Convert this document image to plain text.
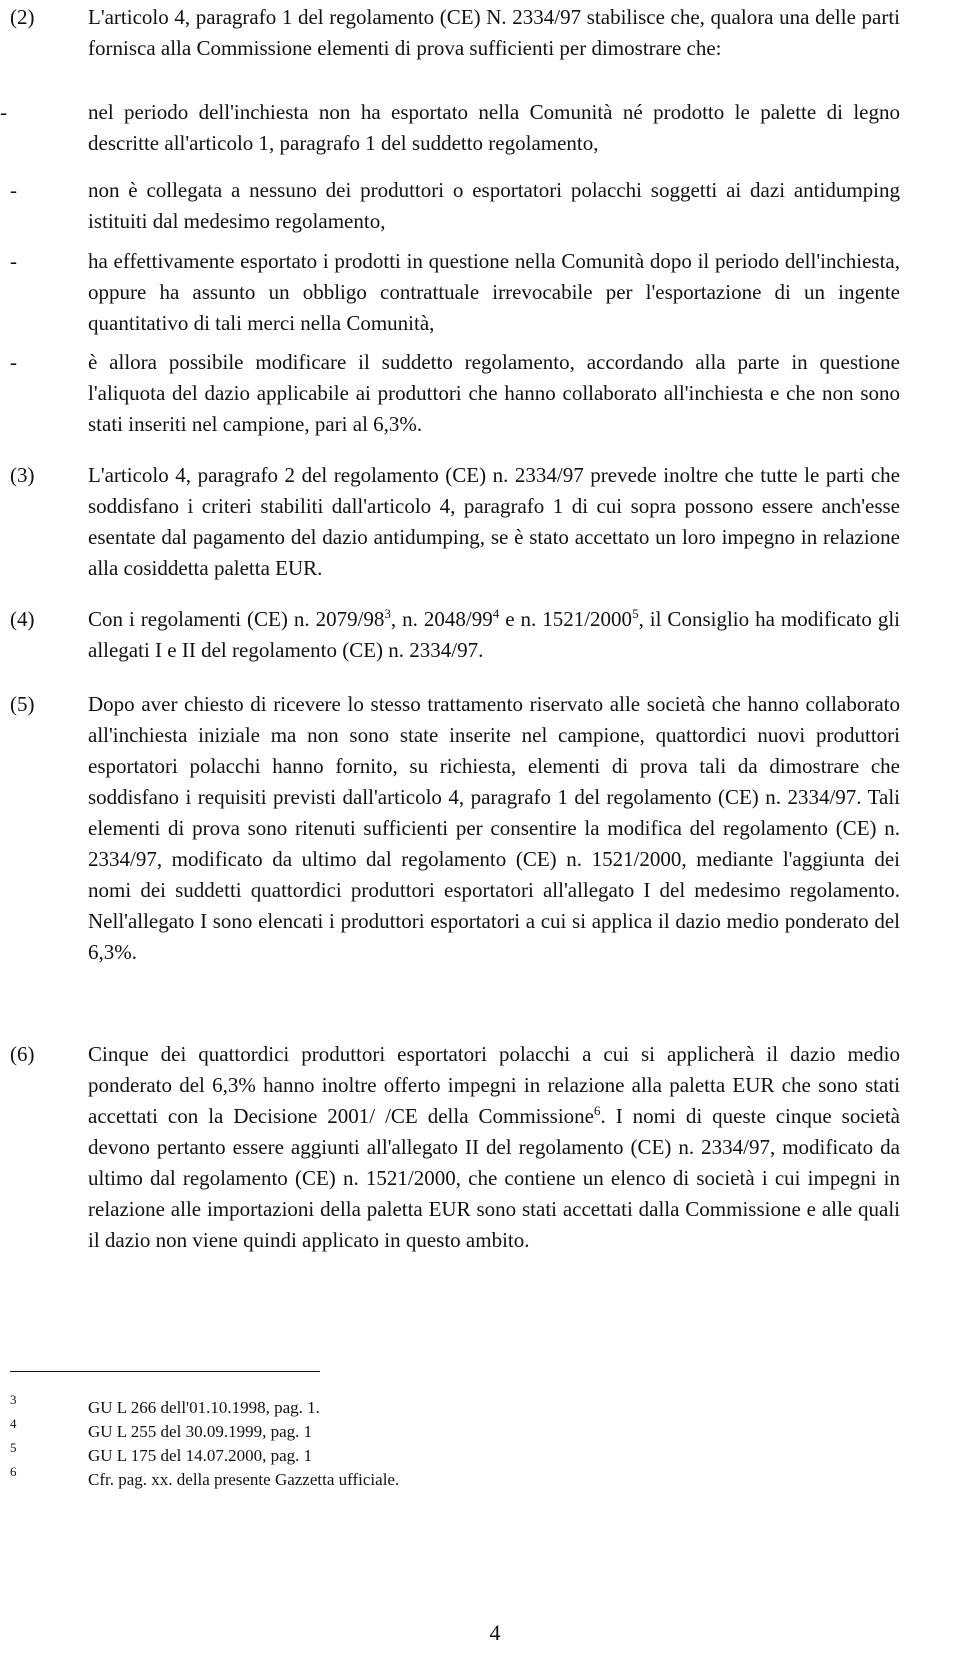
(2)	L'articolo 4, paragrafo 1 del regolamento (CE) N. 2334/97 stabilisce che, qualora una delle parti fornisca alla Commissione elementi di prova sufficienti per dimostrare che:
-	nel periodo dell'inchiesta non ha esportato nella Comunità né prodotto le palette di legno descritte all'articolo 1, paragrafo 1 del suddetto regolamento,
-	non è collegata a nessuno dei produttori o esportatori polacchi soggetti ai dazi antidumping istituiti dal medesimo regolamento,
-	ha effettivamente esportato i prodotti in questione nella Comunità dopo il periodo dell'inchiesta, oppure ha assunto un obbligo contrattuale irrevocabile per l'esportazione di un ingente quantitativo di tali merci nella Comunità,
-	è allora possibile modificare il suddetto regolamento, accordando alla parte in questione l'aliquota del dazio applicabile ai produttori che hanno collaborato all'inchiesta e che non sono stati inseriti nel campione, pari al 6,3%.
(3)	L'articolo 4, paragrafo 2 del regolamento (CE) n. 2334/97 prevede inoltre che tutte le parti che soddisfano i criteri stabiliti dall'articolo 4, paragrafo 1 di cui sopra possono essere anch'esse esentate dal pagamento del dazio antidumping, se è stato accettato un loro impegno in relazione alla cosiddetta paletta EUR.
(4)	Con i regolamenti (CE) n. $2079/98^3$, n. $2048/99^4$ e n. 1521/2000$^5$, il Consiglio ha modificato gli allegati I e II del regolamento (CE) n. 2334/97.
(5)	Dopo aver chiesto di ricevere lo stesso trattamento riservato alle società che hanno collaborato all'inchiesta iniziale ma non sono state inserite nel campione, quattordici nuovi produttori esportatori polacchi hanno fornito, su richiesta, elementi di prova tali da dimostrare che soddisfano i requisiti previsti dall'articolo 4, paragrafo 1 del regolamento (CE) n. 2334/97. Tali elementi di prova sono ritenuti sufficienti per consentire la modifica del regolamento (CE) n. 2334/97, modificato da ultimo dal regolamento (CE) n. 1521/2000, mediante l'aggiunta dei nomi dei suddetti quattordici produttori esportatori all'allegato I del medesimo regolamento. Nell'allegato I sono elencati i produttori esportatori a cui si applica il dazio medio ponderato del 6,3%.
(6)	Cinque dei quattordici produttori esportatori polacchi a cui si applicherà il dazio medio ponderato del 6,3% hanno inoltre offerto impegni in relazione alla paletta EUR che sono stati accettati con la Decisione 2001/ /CE della Commissione$^6$. I nomi di queste cinque società devono pertanto essere aggiunti all'allegato II del regolamento (CE) n. 2334/97, modificato da ultimo dal regolamento (CE) n. 1521/2000, che contiene un elenco di società i cui impegni in relazione alle importazioni della paletta EUR sono stati accettati dalla Commissione e alle quali il dazio non viene quindi applicato in questo ambito.
3	GU L 266 dell'01.10.1998, pag. 1.
4	GU L 255 del 30.09.1999, pag. 1
5	GU L 175 del 14.07.2000, pag. 1
6	Cfr. pag. xx. della presente Gazzetta ufficiale.
4
